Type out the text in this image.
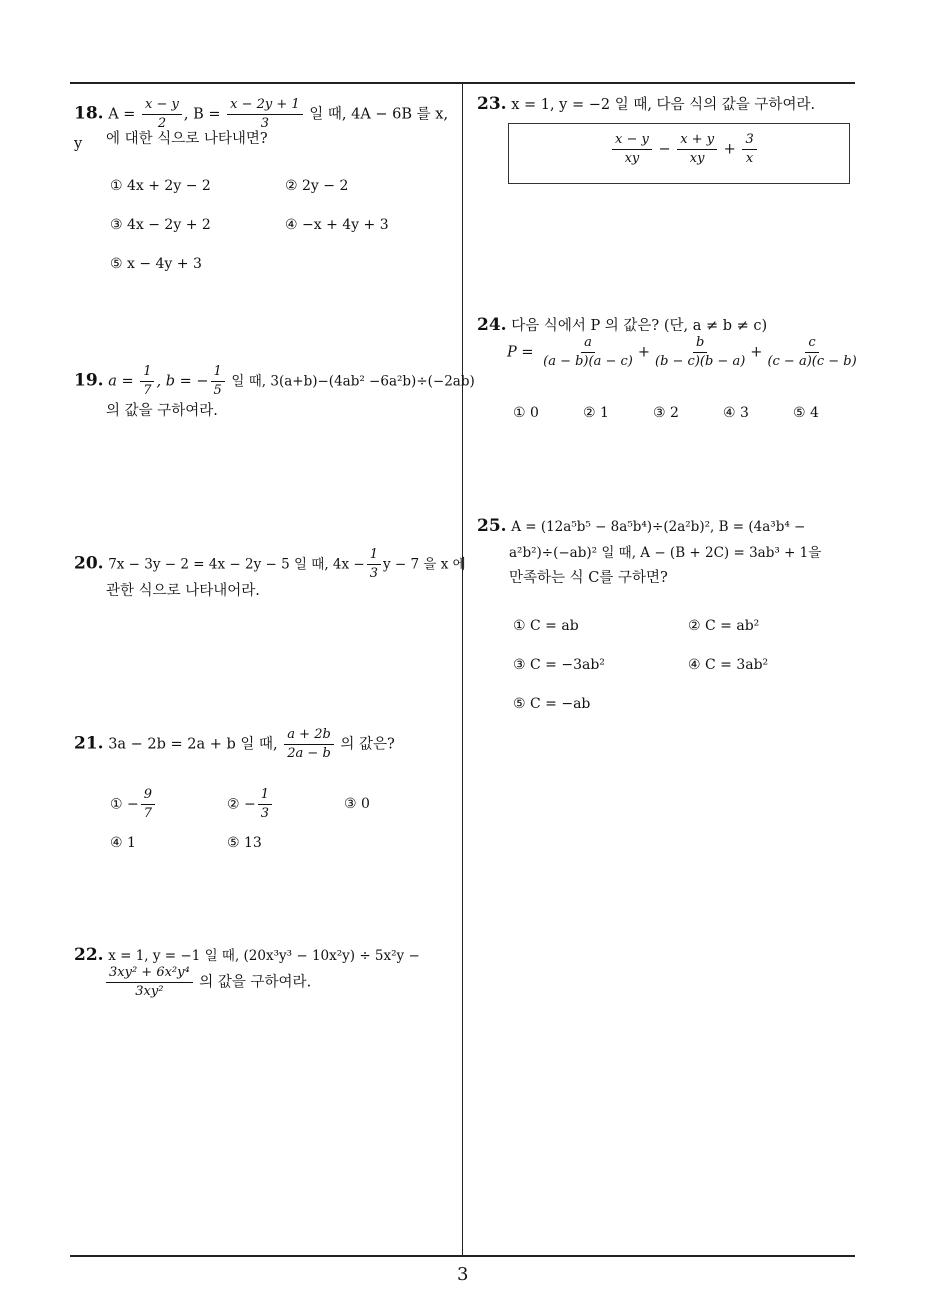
18. $A = \frac{x - y}{2}$ , $B = \frac{x - 2y + 1}{3}$ 일 때, 4A − 6B 를 x, y	에 대한 식으로 나타내면?
① 4x + 2y − 2	② 2y − 2
③ 4x − 2y + 2	④ −x + 4y + 3
⑤ x − 4y + 3
19. $a = \frac{1}{7}$ , b = − $\frac{1}{5}$ 일 때, 3(a+b)−(4ab² −6a²b)÷(−2ab)
의 값을 구하여라.
20. 7x − 3y − 2 = 4x − 2y − 5 일 때, $4x - \frac{1}{3}$ y − 7 을 x 에
관한 식으로 나타내어라.
21. 3a − 2b = 2a + b 일 때, $\frac{a + 2b}{2a - b}$ 의 값은?
① − $\frac{9}{7}$	② − $\frac{1}{3}$	③ 0
④ 1	⑤ 13
22. x = 1, y = −1 일 때, (20x³y³ − 10x²y) ÷ 5x²y −
$\frac{\text{3xy² + 6x²y⁴}}{\text{3xy²}}$ 의 값을 구하여라.
23. x = 1, y = −2 일 때, 다음 식의 값을 구하여라.
$\frac{x - y}{xy} - \frac{x + y}{xy} + \frac{3}{x}$
24. 다음 식에서 P 의 값은? (단, a ≠ b ≠ c)
$P = \frac{a}{(a - b)(a - c)} + \frac{b}{(b - c)(b - a)} + \frac{c}{(c - a)(c - b)}$
① 0	② 1	③ 2	④ 3	⑤ 4
25. A = (12a⁵b⁵ − 8a⁵b⁴)÷(2a²b)², B = (4a³b⁴ −
a²b²)÷(−ab)² 일 때, A − (B + 2C) = 3ab³ + 1을
만족하는 식 C를 구하면?
① C = ab	② C = ab²
③ C = −3ab²	④ C = 3ab²
⑤ C = −ab
3
